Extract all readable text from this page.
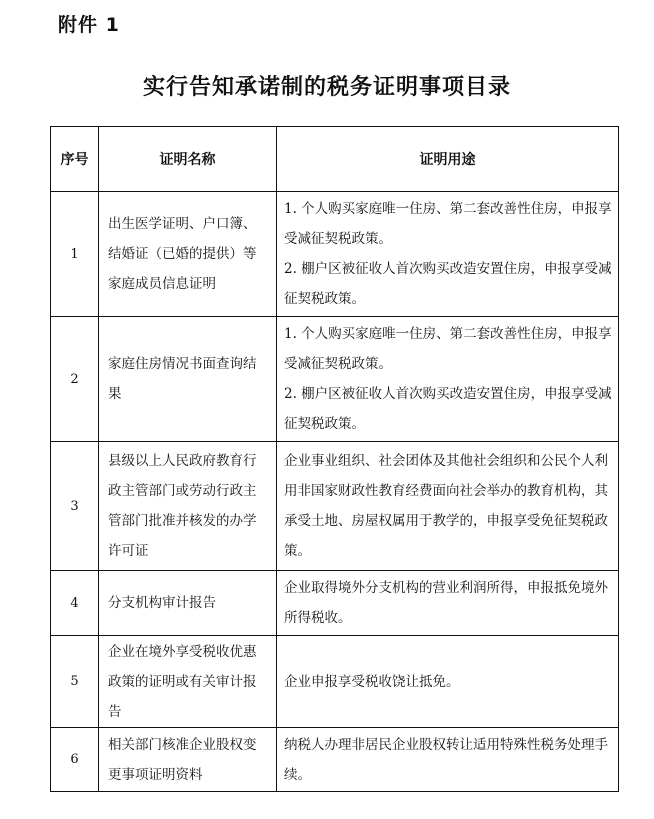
附件 1
实行告知承诺制的税务证明事项目录
序号	证明名称	证明用途
1	出生医学证明、户口簿、结婚证（已婚的提供）等家庭成员信息证明	1. 个人购买家庭唯一住房、第二套改善性住房，申报享受减征契税政策。
2. 棚户区被征收人首次购买改造安置住房，申报享受减征契税政策。

2	家庭住房情况书面查询结果	1. 个人购买家庭唯一住房、第二套改善性住房，申报享受减征契税政策。
2. 棚户区被征收人首次购买改造安置住房，申报享受减征契税政策。

3	县级以上人民政府教育行政主管部门或劳动行政主管部门批准并核发的办学许可证	企业事业组织、社会团体及其他社会组织和公民个人利用非国家财政性教育经费面向社会举办的教育机构，其承受土地、房屋权属用于教学的，申报享受免征契税政策。

4	分支机构审计报告	企业取得境外分支机构的营业利润所得，申报抵免境外所得税收。

5	企业在境外享受税收优惠政策的证明或有关审计报告	企业申报享受税收饶让抵免。

6	相关部门核准企业股权变更事项证明资料	纳税人办理非居民企业股权转让适用特殊性税务处理手续。
